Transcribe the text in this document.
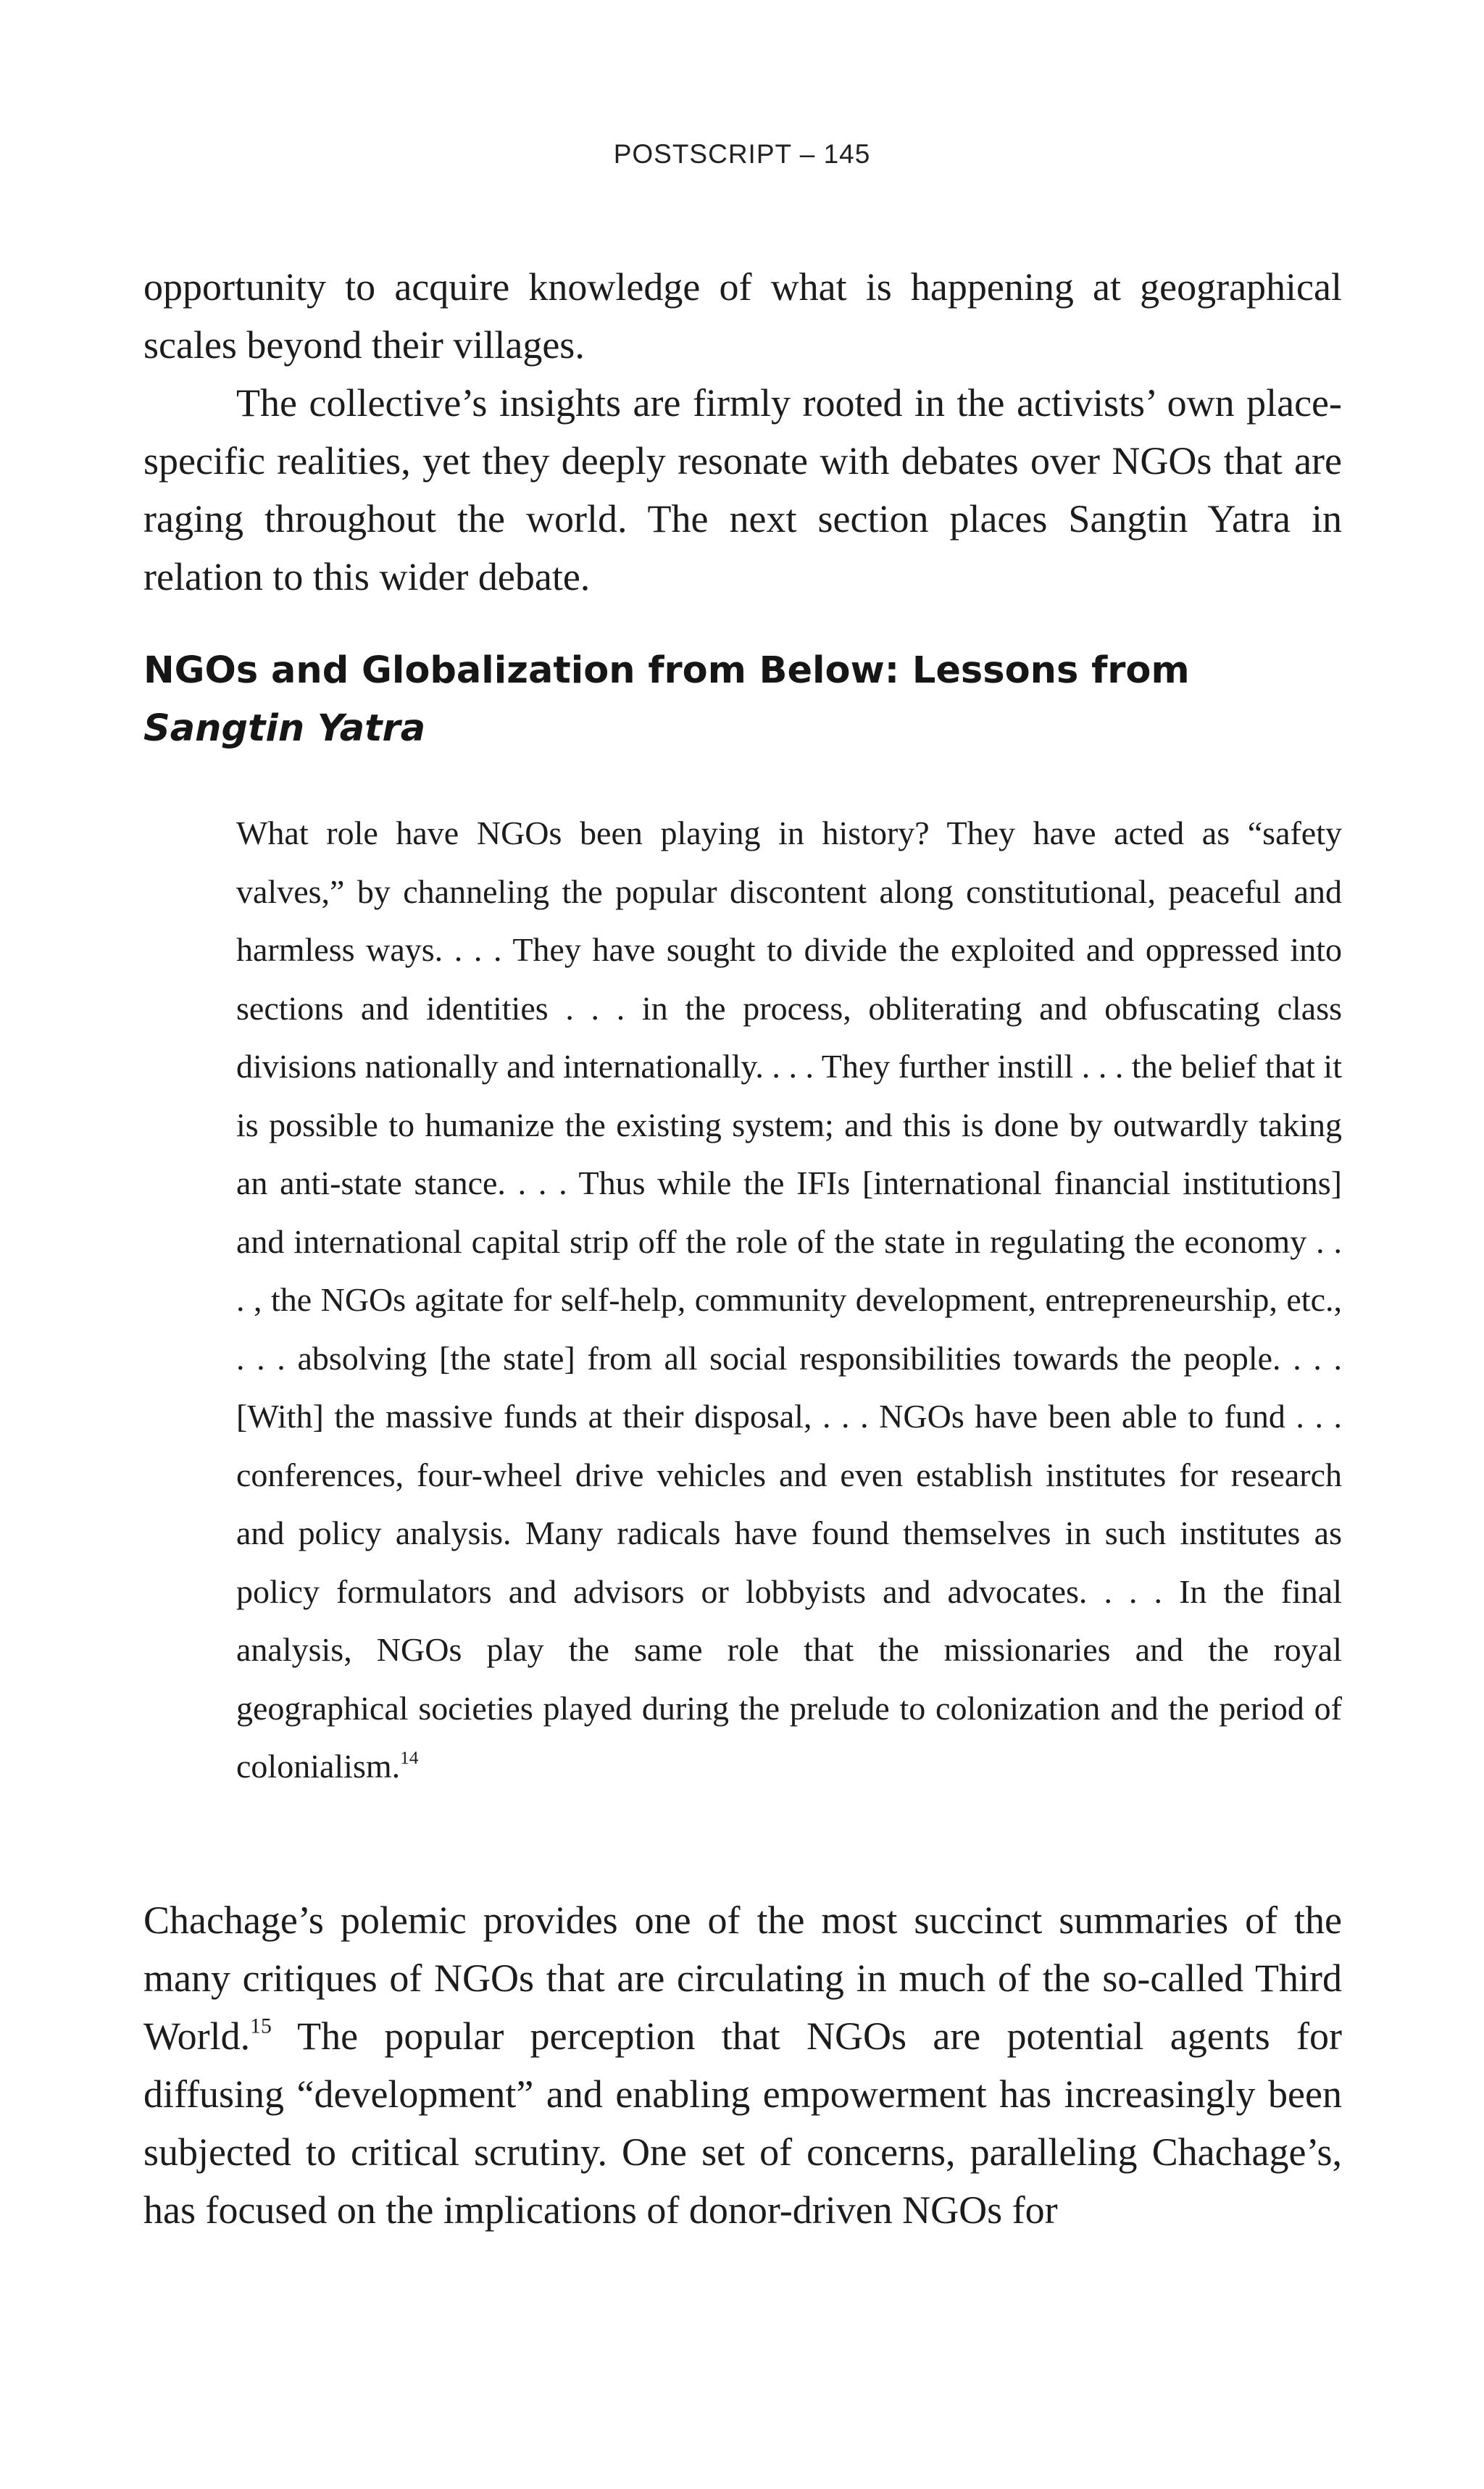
POSTSCRIPT – 145

opportunity to acquire knowledge of what is happening at geographical scales beyond their villages.

The collective’s insights are firmly rooted in the activists’ own place-specific realities, yet they deeply resonate with debates over NGOs that are raging throughout the world. The next section places Sangtin Yatra in relation to this wider debate.

NGOs and Globalization from Below: Lessons from
Sangtin Yatra
What role have NGOs been playing in history? They have acted as “safety valves,” by channeling the popular discontent along constitutional, peaceful and harmless ways. . . . They have sought to divide the exploited and oppressed into sections and identities . . . in the process, obliterating and obfuscating class divisions nationally and internationally. . . . They further instill . . . the belief that it is possible to humanize the existing system; and this is done by outwardly taking an anti-state stance. . . . Thus while the IFIs [international financial institutions] and international capital strip off the role of the state in regulating the economy . . . , the NGOs agitate for self-help, community development, entrepreneurship, etc., . . . absolving [the state] from all social responsibilities towards the people. . . . [With] the massive funds at their disposal, . . . NGOs have been able to fund . . . conferences, four-wheel drive vehicles and even establish institutes for research and policy analysis. Many radicals have found themselves in such institutes as policy formulators and advisors or lobbyists and advocates. . . . In the final analysis, NGOs play the same role that the missionaries and the royal geographical societies played during the prelude to colonization and the period of colonialism.$^{14}$

Chachage’s polemic provides one of the most succinct summaries of the many critiques of NGOs that are circulating in much of the so-called Third World.$^{15}$ The popular perception that NGOs are potential agents for diffusing “development” and enabling empowerment has increasingly been subjected to critical scrutiny. One set of concerns, paralleling Chachage’s, has focused on the implications of donor-driven NGOs for
